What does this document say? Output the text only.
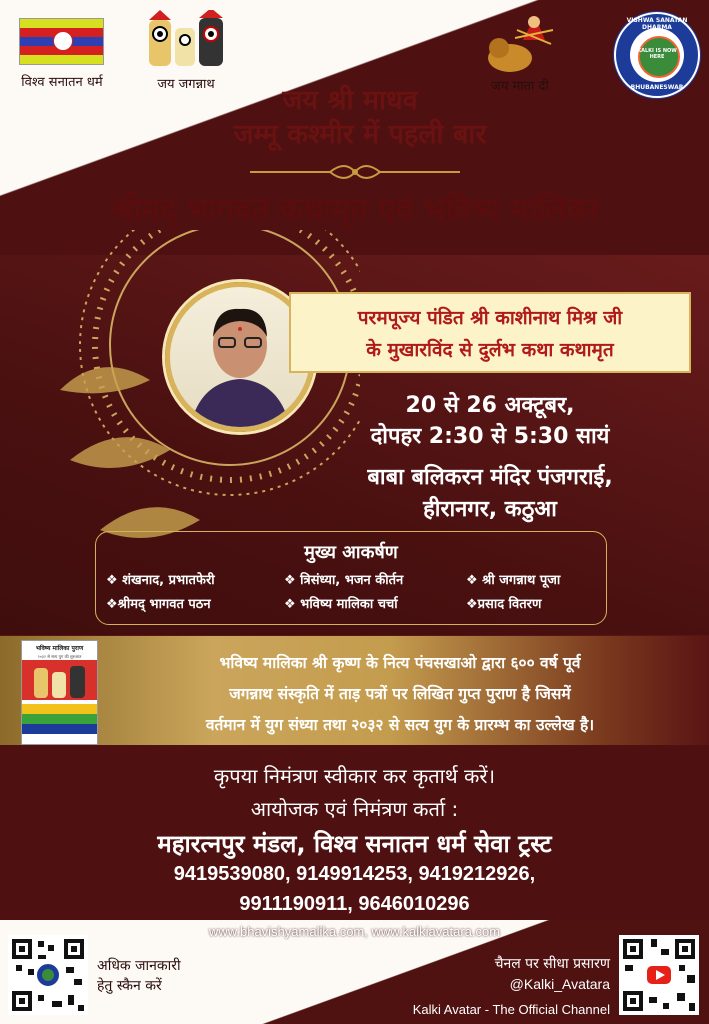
विश्व सनातन धर्म	जय जगन्नाथ	जय माता दी
KALKI IS NOW HERE
VISHWA SANATAN DHARMA
BHUBANESWAR
जय श्री माधव
जम्मू कश्मीर में पहली बार
श्रीमद् भागवत कथामृत एवं भविष्य मालिका
परमपूज्य पंडित श्री काशीनाथ मिश्र जी
के मुखारविंद से दुर्लभ कथा कथामृत
20 से 26 अक्टूबर,
दोपहर 2:30 से 5:30 सायं
बाबा बलिकरन मंदिर पंजगराई,
हीरानगर, कठुआ
मुख्य आकर्षण
❖ शंखनाद, प्रभातफेरी	❖ त्रिसंध्या, भजन कीर्तन	❖ श्री जगन्नाथ पूजा
❖श्रीमद् भागवत पठन	❖ भविष्य मालिका चर्चा	❖प्रसाद वितरण
भविष्य मालिका पुराण
२०३२ से सत्य युग की शुरुआत	भविष्य मालिका श्री कृष्ण के नित्य पंचसखाओ द्वारा ६०० वर्ष पूर्व
जगन्नाथ संस्कृति में ताड़ पत्रों पर लिखित गुप्त पुराण है जिसमें
वर्तमान में युग संध्या तथा २०३२ से सत्य युग के प्रारम्भ का उल्लेख है।
कृपया निमंत्रण स्वीकार कर कृतार्थ करें।
आयोजक एवं निमंत्रण कर्ता :
महारत्नपुर मंडल, विश्व सनातन धर्म सेवा ट्रस्ट
9419539080, 9149914253, 9419212926,
9911190911, 9646010296
www.bhavishyamalika.com, www.kalkiavatara.com
अधिक जानकारी
हेतु स्कैन करें
चैनल पर सीधा प्रसारण
@Kalki_Avatara
Kalki Avatar - The Official Channel
